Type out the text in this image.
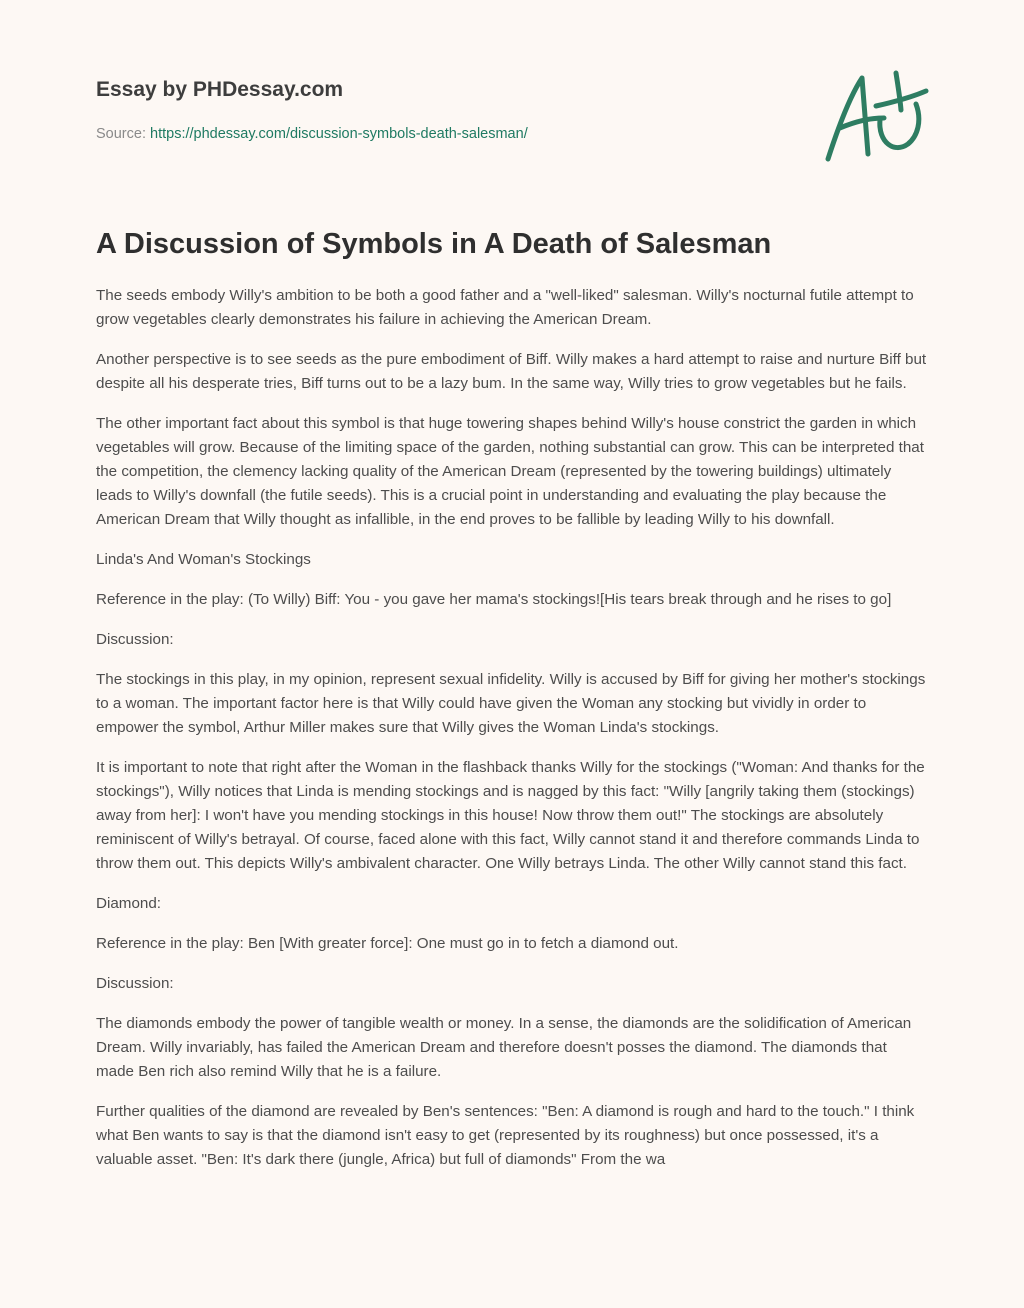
Essay by PHDessay.com
Source: https://phdessay.com/discussion-symbols-death-salesman/
A Discussion of Symbols in A Death of Salesman

The seeds embody Willy's ambition to be both a good father and a "well-liked" salesman. Willy's nocturnal futile attempt to grow vegetables clearly demonstrates his failure in achieving the American Dream.

Another perspective is to see seeds as the pure embodiment of Biff. Willy makes a hard attempt to raise and nurture Biff but despite all his desperate tries, Biff turns out to be a lazy bum. In the same way, Willy tries to grow vegetables but he fails.

The other important fact about this symbol is that huge towering shapes behind Willy's house constrict the garden in which vegetables will grow. Because of the limiting space of the garden, nothing substantial can grow. This can be interpreted that the competition, the clemency lacking quality of the American Dream (represented by the towering buildings) ultimately leads to Willy's downfall (the futile seeds). This is a crucial point in understanding and evaluating the play because the American Dream that Willy thought as infallible, in the end proves to be fallible by leading Willy to his downfall.

Linda's And Woman's Stockings

Reference in the play: (To Willy) Biff: You - you gave her mama's stockings![His tears break through and he rises to go]

Discussion:

The stockings in this play, in my opinion, represent sexual infidelity. Willy is accused by Biff for giving her mother's stockings to a woman. The important factor here is that Willy could have given the Woman any stocking but vividly in order to empower the symbol, Arthur Miller makes sure that Willy gives the Woman Linda's stockings.

It is important to note that right after the Woman in the flashback thanks Willy for the stockings ("Woman: And thanks for the stockings"), Willy notices that Linda is mending stockings and is nagged by this fact: "Willy [angrily taking them (stockings) away from her]: I won't have you mending stockings in this house! Now throw them out!" The stockings are absolutely reminiscent of Willy's betrayal. Of course, faced alone with this fact, Willy cannot stand it and therefore commands Linda to throw them out. This depicts Willy's ambivalent character. One Willy betrays Linda. The other Willy cannot stand this fact.

Diamond:

Reference in the play: Ben [With greater force]: One must go in to fetch a diamond out.

Discussion:

The diamonds embody the power of tangible wealth or money. In a sense, the diamonds are the solidification of American Dream. Willy invariably, has failed the American Dream and therefore doesn't posses the diamond. The diamonds that made Ben rich also remind Willy that he is a failure.

Further qualities of the diamond are revealed by Ben's sentences: "Ben: A diamond is rough and hard to the touch." I think what Ben wants to say is that the diamond isn't easy to get (represented by its roughness) but once possessed, it's a valuable asset. "Ben: It's dark there (jungle, Africa) but full of diamonds" From the wa
